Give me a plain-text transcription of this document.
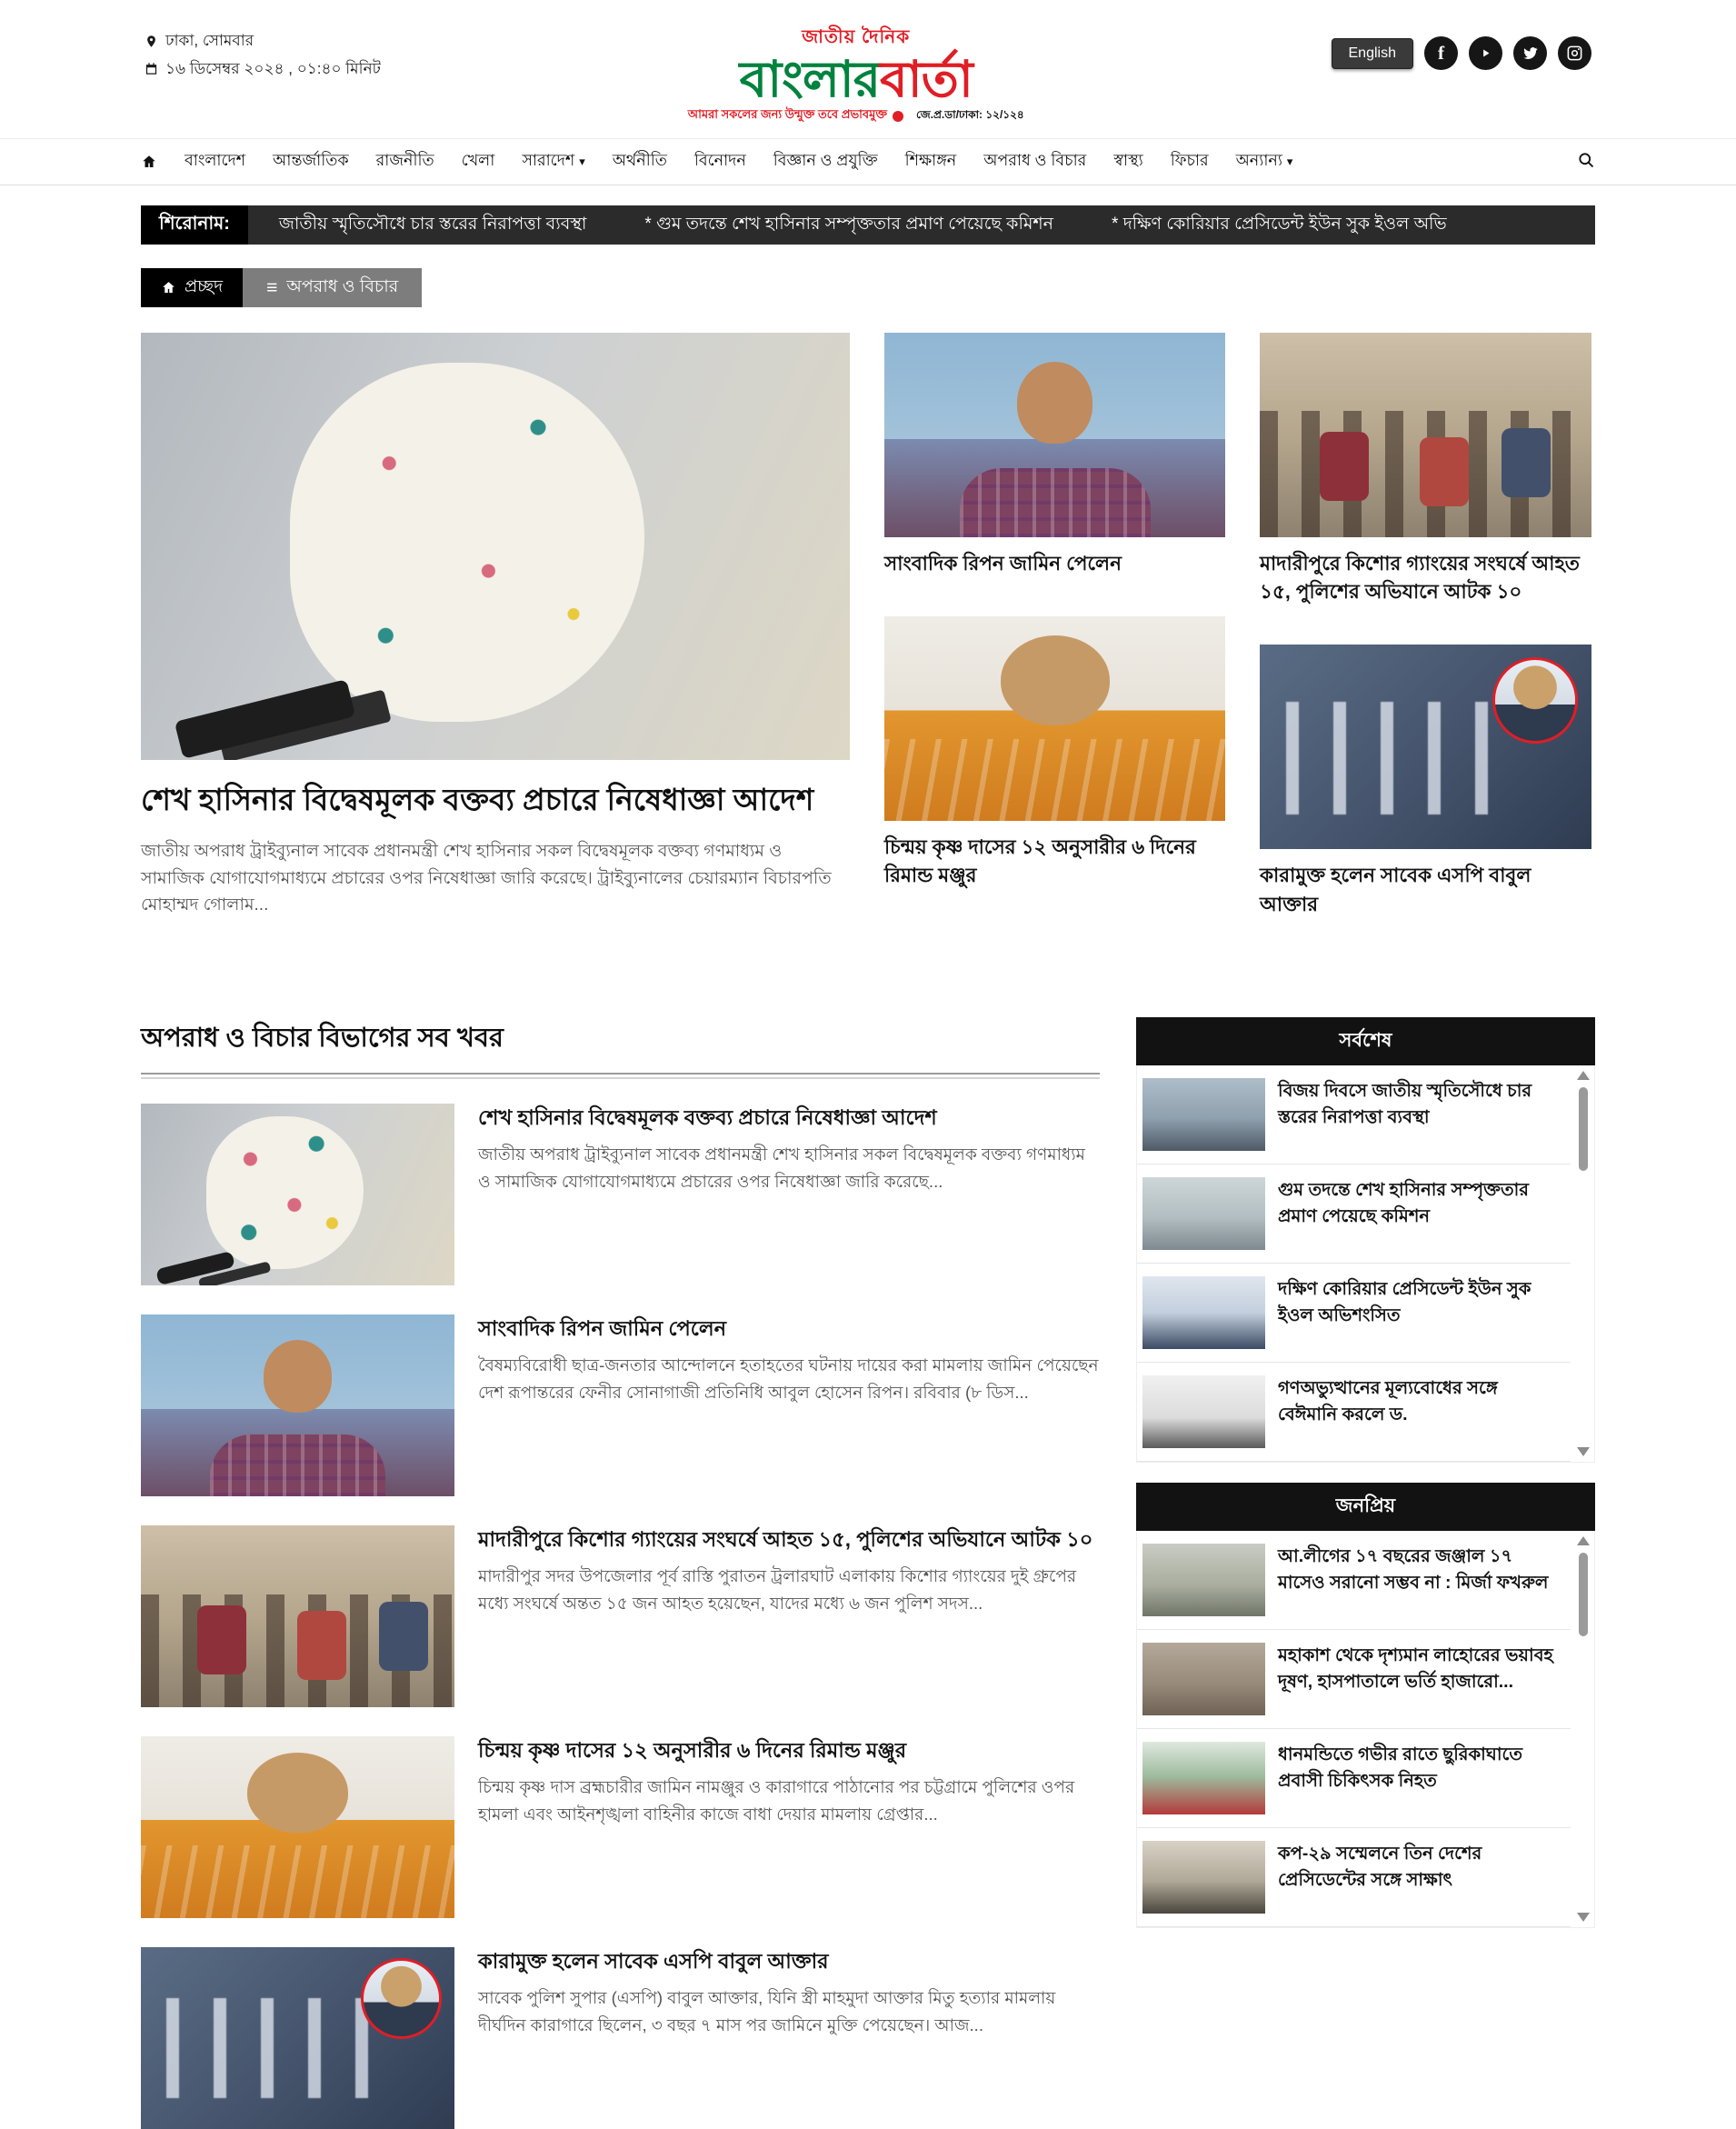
ঢাকা, সোমবার
১৬ ডিসেম্বর ২০২৪ , ০১:৪০ মিনিট
জাতীয় দৈনিক
বাংলারবার্তা
আমরা সকলের জন্য উন্মুক্ত তবে প্রভাবমুক্ত	জে.প্র.ডা/ঢাকা: ১২/১২৪
English	f
বাংলাদেশ আন্তর্জাতিক রাজনীতি খেলা সারাদেশ ▾ অর্থনীতি বিনোদন বিজ্ঞান ও প্রযুক্তি শিক্ষাঙ্গন অপরাধ ও বিচার স্বাস্থ্য ফিচার অন্যান্য ▾
শিরোনাম:	জাতীয় স্মৃতিসৌধে চার স্তরের নিরাপত্তা ব্যবস্থা	* গুম তদন্তে শেখ হাসিনার সম্পৃক্ততার প্রমাণ পেয়েছে কমিশন	* দক্ষিণ কোরিয়ার প্রেসিডেন্ট ইউন সুক ইওল অভি
প্রচ্ছদ ≡ অপরাধ ও বিচার
শেখ হাসিনার বিদ্বেষমূলক বক্তব্য প্রচারে নিষেধাজ্ঞা আদেশ

জাতীয় অপরাধ ট্রাইব্যুনাল সাবেক প্রধানমন্ত্রী শেখ হাসিনার সকল বিদ্বেষমূলক বক্তব্য গণমাধ্যম ও সামাজিক যোগাযোগমাধ্যমে প্রচারের ওপর নিষেধাজ্ঞা জারি করেছে। ট্রাইব্যুনালের চেয়ারম্যান বিচারপতি মোহাম্মদ গোলাম...

সাংবাদিক রিপন জামিন পেলেন
চিন্ময় কৃষ্ণ দাসের ১২ অনুসারীর ৬ দিনের রিমান্ড মঞ্জুর
মাদারীপুরে কিশোর গ্যাংয়ের সংঘর্ষে আহত ১৫, পুলিশের অভিযানে আটক ১০
কারামুক্ত হলেন সাবেক এসপি বাবুল আক্তার
অপরাধ ও বিচার বিভাগের সব খবর
শেখ হাসিনার বিদ্বেষমূলক বক্তব্য প্রচারে নিষেধাজ্ঞা আদেশ

জাতীয় অপরাধ ট্রাইব্যুনাল সাবেক প্রধানমন্ত্রী শেখ হাসিনার সকল বিদ্বেষমূলক বক্তব্য গণমাধ্যম ও সামাজিক যোগাযোগমাধ্যমে প্রচারের ওপর নিষেধাজ্ঞা জারি করেছে...

সাংবাদিক রিপন জামিন পেলেন

বৈষম্যবিরোধী ছাত্র-জনতার আন্দোলনে হতাহতের ঘটনায় দায়ের করা মামলায় জামিন পেয়েছেন দেশ রূপান্তরের ফেনীর সোনাগাজী প্রতিনিধি আবুল হোসেন রিপন। রবিবার (৮ ডিস...

মাদারীপুরে কিশোর গ্যাংয়ের সংঘর্ষে আহত ১৫, পুলিশের অভিযানে আটক ১০

মাদারীপুর সদর উপজেলার পূর্ব রাস্তি পুরাতন ট্রলারঘাট এলাকায় কিশোর গ্যাংয়ের দুই গ্রুপের মধ্যে সংঘর্ষে অন্তত ১৫ জন আহত হয়েছেন, যাদের মধ্যে ৬ জন পুলিশ সদস...

চিন্ময় কৃষ্ণ দাসের ১২ অনুসারীর ৬ দিনের রিমান্ড মঞ্জুর

চিন্ময় কৃষ্ণ দাস ব্রহ্মচারীর জামিন নামঞ্জুর ও কারাগারে পাঠানোর পর চট্টগ্রামে পুলিশের ওপর হামলা এবং আইনশৃঙ্খলা বাহিনীর কাজে বাধা দেয়ার মামলায় গ্রেপ্তার...

কারামুক্ত হলেন সাবেক এসপি বাবুল আক্তার

সাবেক পুলিশ সুপার (এসপি) বাবুল আক্তার, যিনি স্ত্রী মাহমুদা আক্তার মিতু হত্যার মামলায় দীর্ঘদিন কারাগারে ছিলেন, ৩ বছর ৭ মাস পর জামিনে মুক্তি পেয়েছেন। আজ...

সর্বশেষ
বিজয় দিবসে জাতীয় স্মৃতিসৌধে চার স্তরের নিরাপত্তা ব্যবস্থা
গুম তদন্তে শেখ হাসিনার সম্পৃক্ততার প্রমাণ পেয়েছে কমিশন
দক্ষিণ কোরিয়ার প্রেসিডেন্ট ইউন সুক ইওল অভিশংসিত
গণঅভ্যুত্থানের মূল্যবোধের সঙ্গে বেঈমানি করলে ড.
জনপ্রিয়
আ.লীগের ১৭ বছরের জঞ্জাল ১৭ মাসেও সরানো সম্ভব না : মির্জা ফখরুল
মহাকাশ থেকে দৃশ্যমান লাহোরের ভয়াবহ দূষণ, হাসপাতালে ভর্তি হাজারো...
ধানমন্ডিতে গভীর রাতে ছুরিকাঘাতে প্রবাসী চিকিৎসক নিহত
কপ-২৯ সম্মেলনে তিন দেশের প্রেসিডেন্টের সঙ্গে সাক্ষাৎ
